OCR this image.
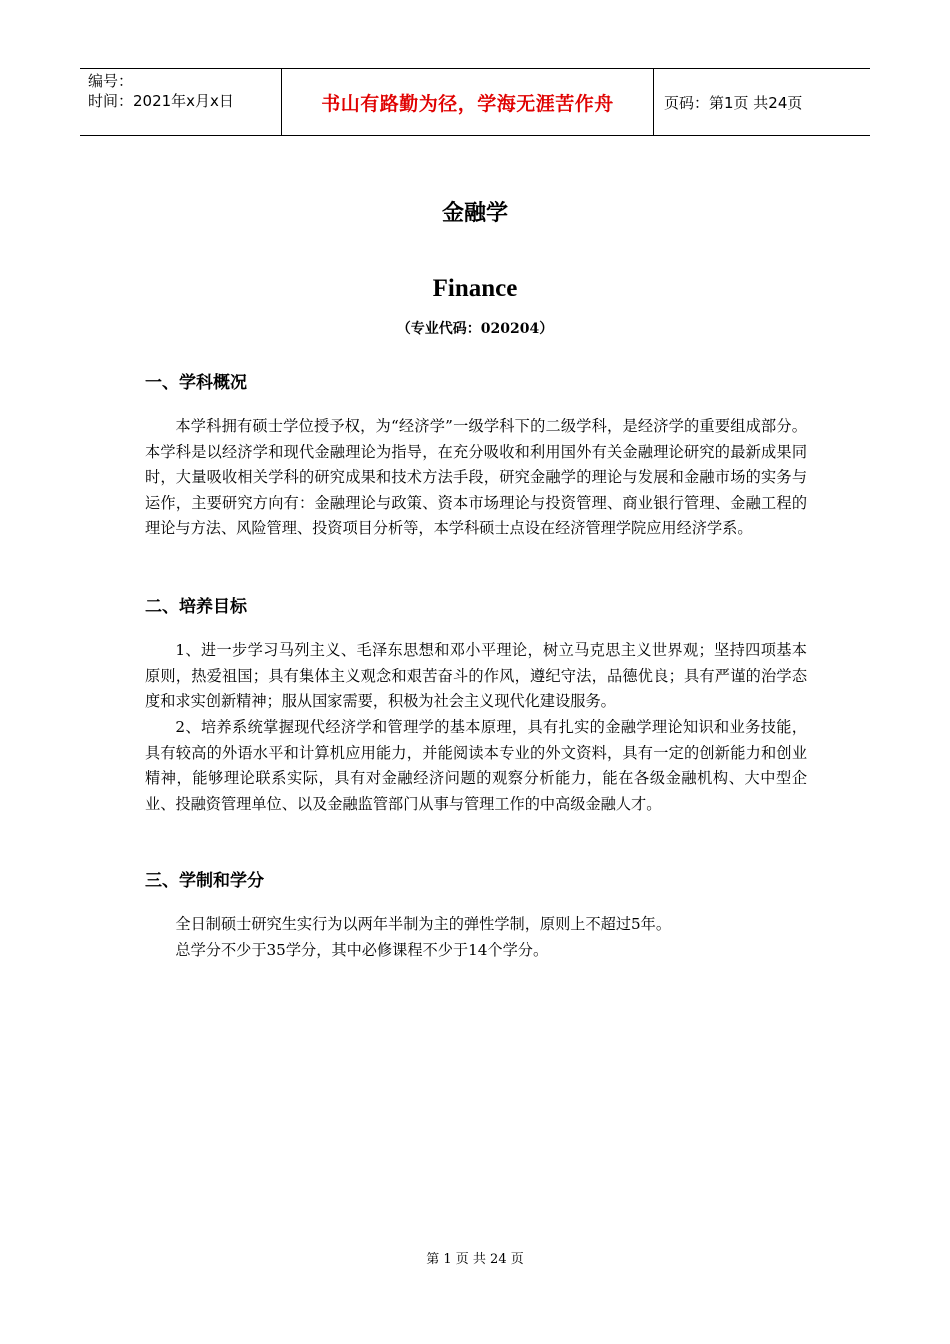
编号：
时间：2021年x月x日	书山有路勤为径，学海无涯苦作舟	页码：第1页 共24页
金融学
Finance
（专业代码：020204）
一、学科概况

本学科拥有硕士学位授予权，为“经济学”一级学科下的二级学科，是经济学的重要组成部分。本学科是以经济学和现代金融理论为指导，在充分吸收和利用国外有关金融理论研究的最新成果同时，大量吸收相关学科的研究成果和技术方法手段，研究金融学的理论与发展和金融市场的实务与运作，主要研究方向有：金融理论与政策、资本市场理论与投资管理、商业银行管理、金融工程的理论与方法、风险管理、投资项目分析等，本学科硕士点设在经济管理学院应用经济学系。

二、培养目标

1、进一步学习马列主义、毛泽东思想和邓小平理论，树立马克思主义世界观；坚持四项基本原则，热爱祖国；具有集体主义观念和艰苦奋斗的作风，遵纪守法，品德优良；具有严谨的治学态度和求实创新精神；服从国家需要，积极为社会主义现代化建设服务。

2、培养系统掌握现代经济学和管理学的基本原理，具有扎实的金融学理论知识和业务技能，具有较高的外语水平和计算机应用能力，并能阅读本专业的外文资料，具有一定的创新能力和创业精神，能够理论联系实际，具有对金融经济问题的观察分析能力，能在各级金融机构、大中型企业、投融资管理单位、以及金融监管部门从事与管理工作的中高级金融人才。

三、学制和学分

全日制硕士研究生实行为以两年半制为主的弹性学制，原则上不超过5年。

总学分不少于35学分，其中必修课程不少于14个学分。

第 1 页 共 24 页
